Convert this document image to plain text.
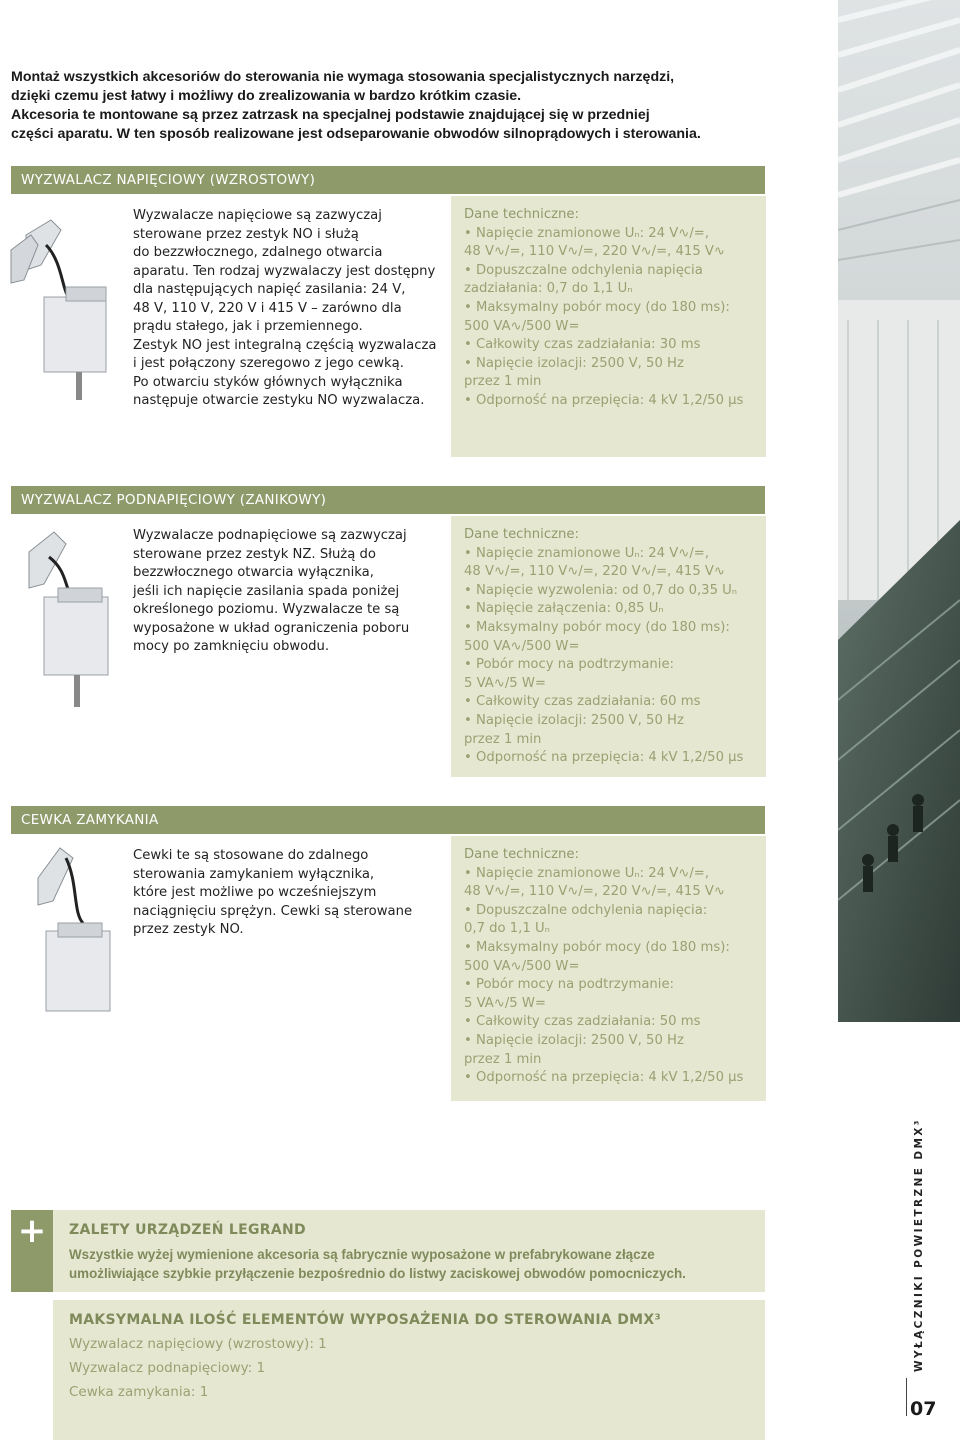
Montaż wszystkich akcesoriów do sterowania nie wymaga stosowania specjalistycznych narzędzi,

dzięki czemu jest łatwy i możliwy do zrealizowania w bardzo krótkim czasie.

Akcesoria te montowane są przez zatrzask na specjalnej podstawie znajdującej się w przedniej

części aparatu. W ten sposób realizowane jest odseparowanie obwodów silnoprądowych i sterowania.

WYZWALACZ NAPIĘCIOWY (WZROSTOWY)

Wyzwalacze napięciowe są zazwyczaj

sterowane przez zestyk NO i służą

do bezzwłocznego, zdalnego otwarcia

aparatu. Ten rodzaj wyzwalaczy jest dostępny

dla następujących napięć zasilania: 24 V,

48 V, 110 V, 220 V i 415 V – zarówno dla

prądu stałego, jak i przemiennego.

Zestyk NO jest integralną częścią wyzwalacza

i jest połączony szeregowo z jego cewką.

Po otwarciu styków głównych wyłącznika

następuje otwarcie zestyku NO wyzwalacza.

Dane techniczne:
• Napięcie znamionowe Uₙ: 24 V∿/=,
48 V∿/=, 110 V∿/=, 220 V∿/=, 415 V∿
• Dopuszczalne odchylenia napięcia
zadziałania: 0,7 do 1,1 Uₙ
• Maksymalny pobór mocy (do 180 ms):
500 VA∿/500 W=
• Całkowity czas zadziałania: 30 ms
• Napięcie izolacji: 2500 V, 50 Hz
przez 1 min
• Odporność na przepięcia: 4 kV 1,2/50 µs
WYZWALACZ PODNAPIĘCIOWY (ZANIKOWY)

Wyzwalacze podnapięciowe są zazwyczaj

sterowane przez zestyk NZ. Służą do

bezzwłocznego otwarcia wyłącznika,

jeśli ich napięcie zasilania spada poniżej

określonego poziomu. Wyzwalacze te są

wyposażone w układ ograniczenia poboru

mocy po zamknięciu obwodu.

Dane techniczne:
• Napięcie znamionowe Uₙ: 24 V∿/=,
48 V∿/=, 110 V∿/=, 220 V∿/=, 415 V∿
• Napięcie wyzwolenia: od 0,7 do 0,35 Uₙ
• Napięcie załączenia: 0,85 Uₙ
• Maksymalny pobór mocy (do 180 ms):
500 VA∿/500 W=
• Pobór mocy na podtrzymanie:
5 VA∿/5 W=
• Całkowity czas zadziałania: 60 ms
• Napięcie izolacji: 2500 V, 50 Hz
przez 1 min
• Odporność na przepięcia: 4 kV 1,2/50 µs
CEWKA ZAMYKANIA

Cewki te są stosowane do zdalnego

sterowania zamykaniem wyłącznika,

które jest możliwe po wcześniejszym

naciągnięciu sprężyn. Cewki są sterowane

przez zestyk NO.

Dane techniczne:
• Napięcie znamionowe Uₙ: 24 V∿/=,
48 V∿/=, 110 V∿/=, 220 V∿/=, 415 V∿
• Dopuszczalne odchylenia napięcia:
0,7 do 1,1 Uₙ
• Maksymalny pobór mocy (do 180 ms):
500 VA∿/500 W=
• Pobór mocy na podtrzymanie:
5 VA∿/5 W=
• Całkowity czas zadziałania: 50 ms
• Napięcie izolacji: 2500 V, 50 Hz
przez 1 min
• Odporność na przepięcia: 4 kV 1,2/50 µs
+	ZALETY URZĄDZEŃ LEGRAND
Wszystkie wyżej wymienione akcesoria są fabrycznie wyposażone w prefabrykowane złącze
umożliwiające szybkie przyłączenie bezpośrednio do listwy zaciskowej obwodów pomocniczych.
MAKSYMALNA ILOŚĆ ELEMENTÓW WYPOSAŻENIA DO STEROWANIA DMX³
Wyzwalacz napięciowy (wzrostowy): 1
Wyzwalacz podnapięciowy: 1
Cewka zamykania: 1
WYŁĄCZNIKI POWIETRZNE DMX³
07
